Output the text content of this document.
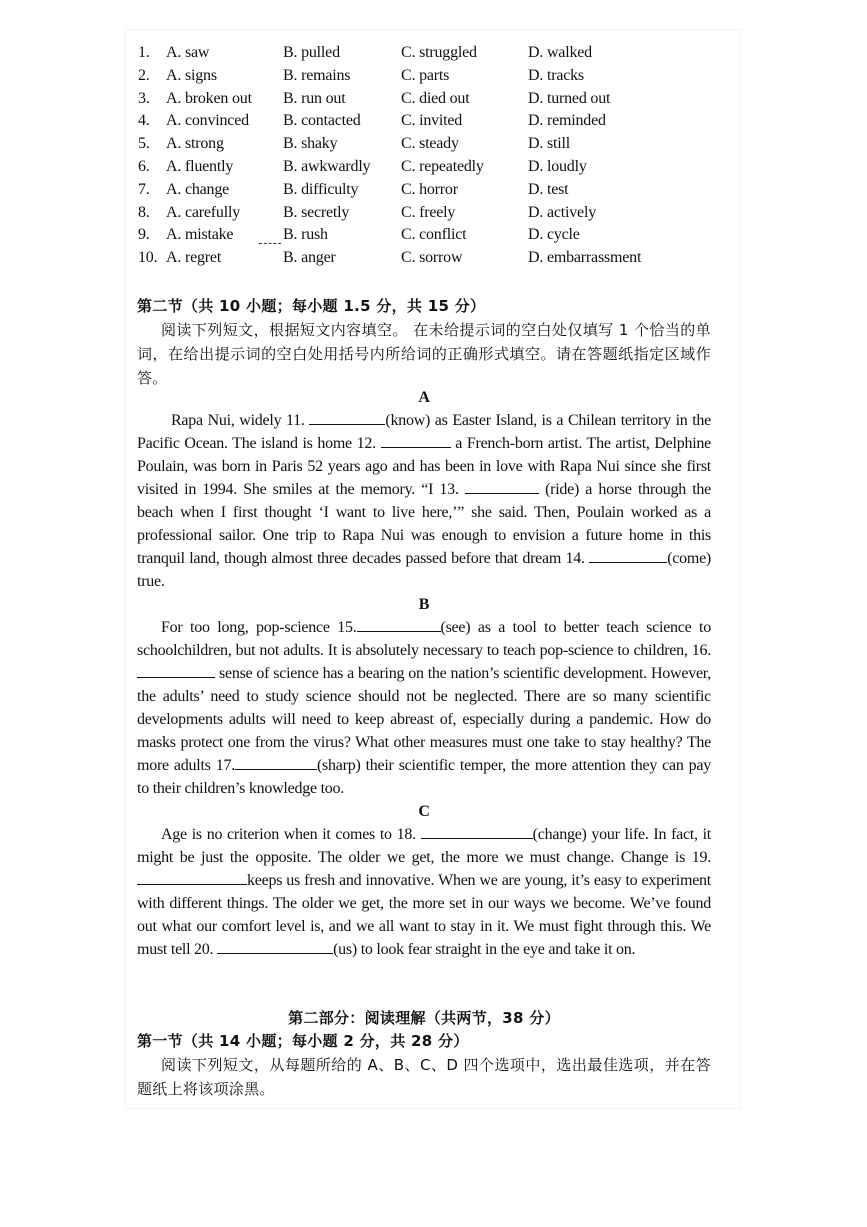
1. A. saw	B. pulled	C. struggled	D. walked
2. A. signs	B. remains	C. parts	D. tracks
3. A. broken out B. run out	C. died out	D. turned out
4. A. convinced B. contacted	C. invited	D. reminded
5. A. strong	B. shaky	C. steady	D. still
6. A. fluently	B. awkwardly C. repeatedly	D. loudly
7. A. change	B. difficulty	C. horror	D. test
8. A. carefully	B. secretly	C. freely	D. actively
9. A. mistake	B. rush	C. conflict	D. cycle
10. A. regret	B. anger	C. sorrow	D. embarrassment

第二节（共 10 小题；每小题 1.5 分，共 15 分）

阅读下列短文，根据短文内容填空。 在未给提示词的空白处仅填写 1 个恰当的单词，在给出提示词的空白处用括号内所给词的正确形式填空。请在答题纸指定区域作答。

A

Rapa Nui, widely 11.	(know) as Easter Island, is a Chilean territory in the Pacific Ocean. The island is home 12.	a French-born artist. The artist, Delphine Poulain, was born in Paris 52 years ago and has been in love with Rapa Nui since she first visited in 1994. She smiles at the memory. “I 13.	(ride) a horse through the beach when I first thought ‘I want to live here,’” she said. Then, Poulain worked as a professional sailor. One trip to Rapa Nui was enough to envision a future home in this tranquil land, though almost three decades passed before that dream 14.	(come) true.

B

For too long, pop-science 15.	(see) as a tool to better teach science to schoolchildren, but not adults. It is absolutely necessary to teach pop-science to children, 16. sense of science has a bearing on the nation’s scientific development. However, the adults’ need to study science should not be neglected. There are so many scientific developments adults will need to keep abreast of, especially during a pandemic. How do masks protect one from the virus? What other measures must one take to stay healthy? The more adults 17.	(sharp) their scientific temper, the more attention they can pay to their children’s knowledge too.

C

Age is no criterion when it comes to 18.	(change) your life. In fact, it might be just the opposite. The older we get, the more we must change. Change is 19. keeps us fresh and innovative. When we are young, it’s easy to experiment with different things. The older we get, the more set in our ways we become. We’ve found out what our comfort level is, and we all want to stay in it. We must fight through this. We must tell 20.	(us) to look fear straight in the eye and take it on.

第二部分：阅读理解（共两节，38 分）

第一节（共 14 小题；每小题 2 分，共 28 分）

阅读下列短文，从每题所给的 A、B、C、D 四个选项中，选出最佳选项，并在答题纸上将该项涂黑。
